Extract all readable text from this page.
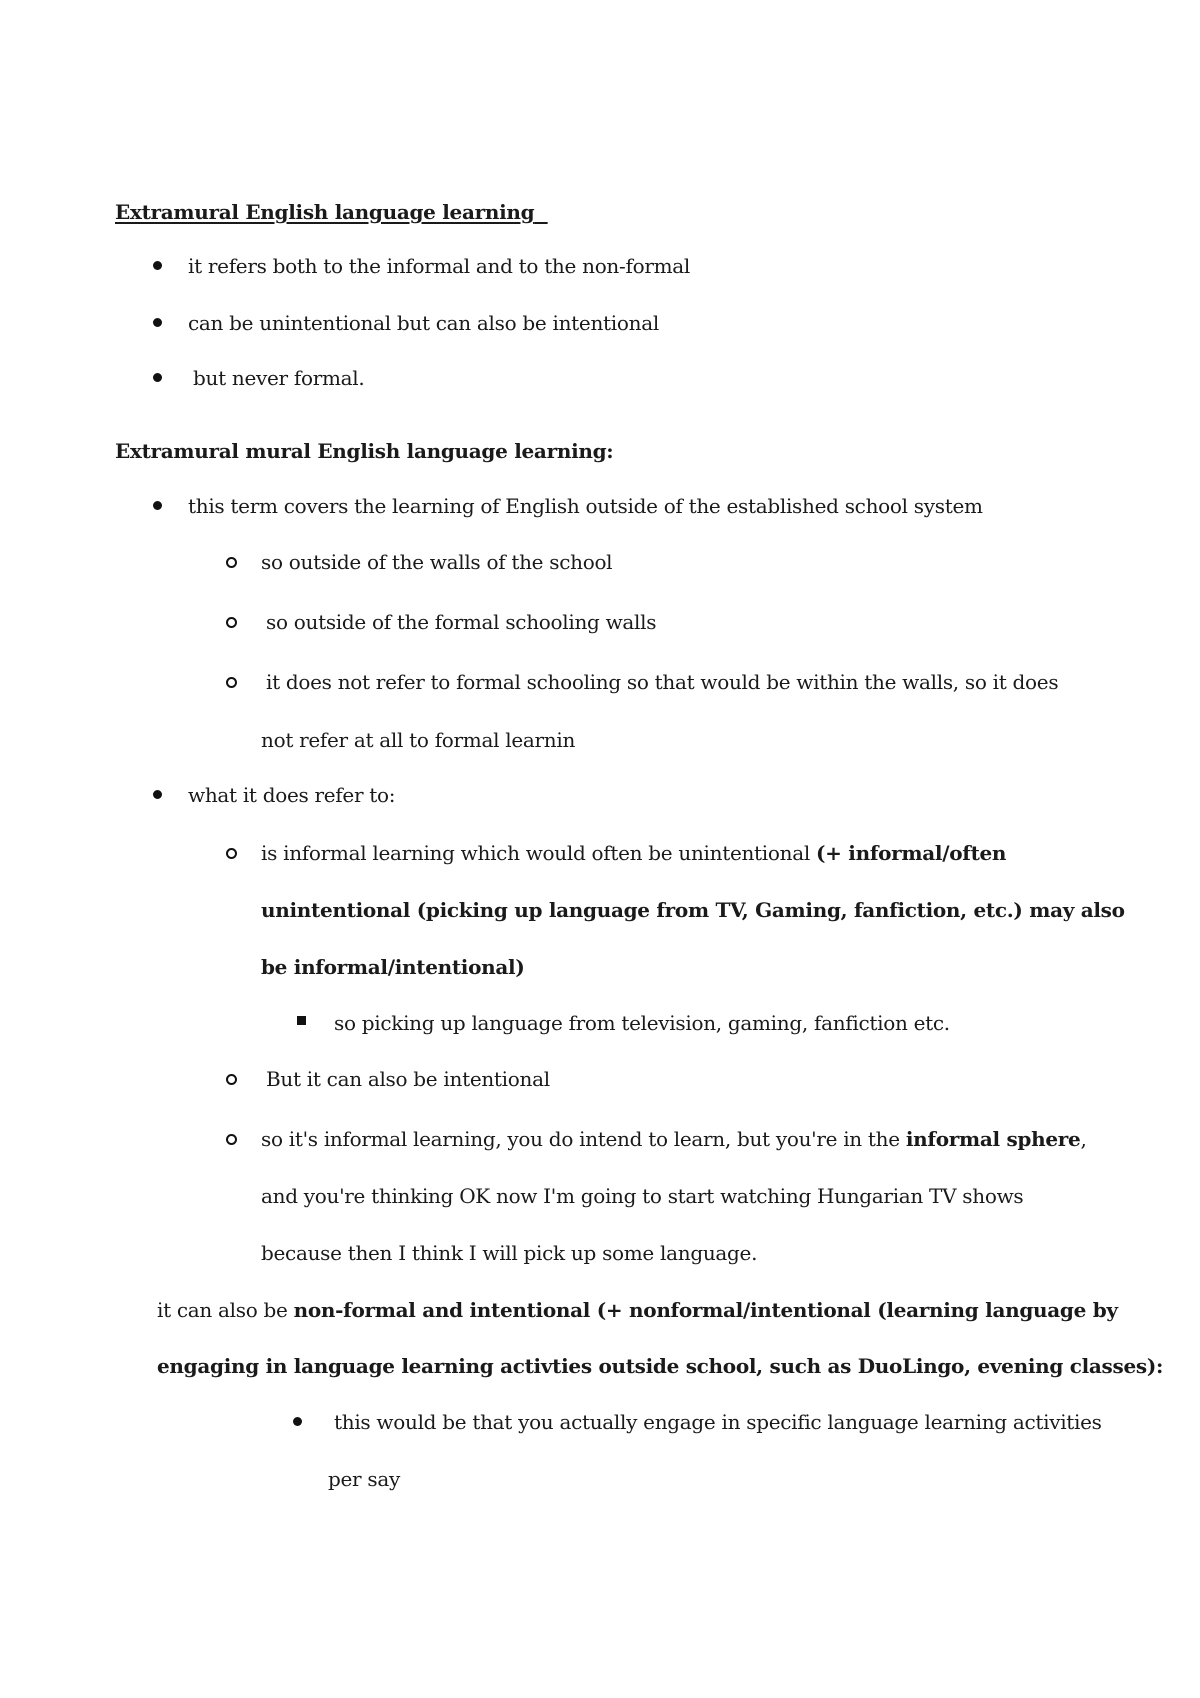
Extramural English language learning
it refers both to the informal and to the non-formal
can be unintentional but can also be intentional
but never formal.
Extramural mural English language learning:
this term covers the learning of English outside of the established school system
so outside of the walls of the school
so outside of the formal schooling walls
it does not refer to formal schooling so that would be within the walls, so it does
not refer at all to formal learnin
what it does refer to:
is informal learning which would often be unintentional (+ informal/often
unintentional (picking up language from TV, Gaming, fanfiction, etc.) may also
be informal/intentional)
so picking up language from television, gaming, fanfiction etc.
But it can also be intentional
so it's informal learning, you do intend to learn, but you're in the informal sphere,
and you're thinking OK now I'm going to start watching Hungarian TV shows
because then I think I will pick up some language.
it can also be non-formal and intentional (+ nonformal/intentional (learning language by
engaging in language learning activties outside school, such as DuoLingo, evening classes):
this would be that you actually engage in specific language learning activities
per say
